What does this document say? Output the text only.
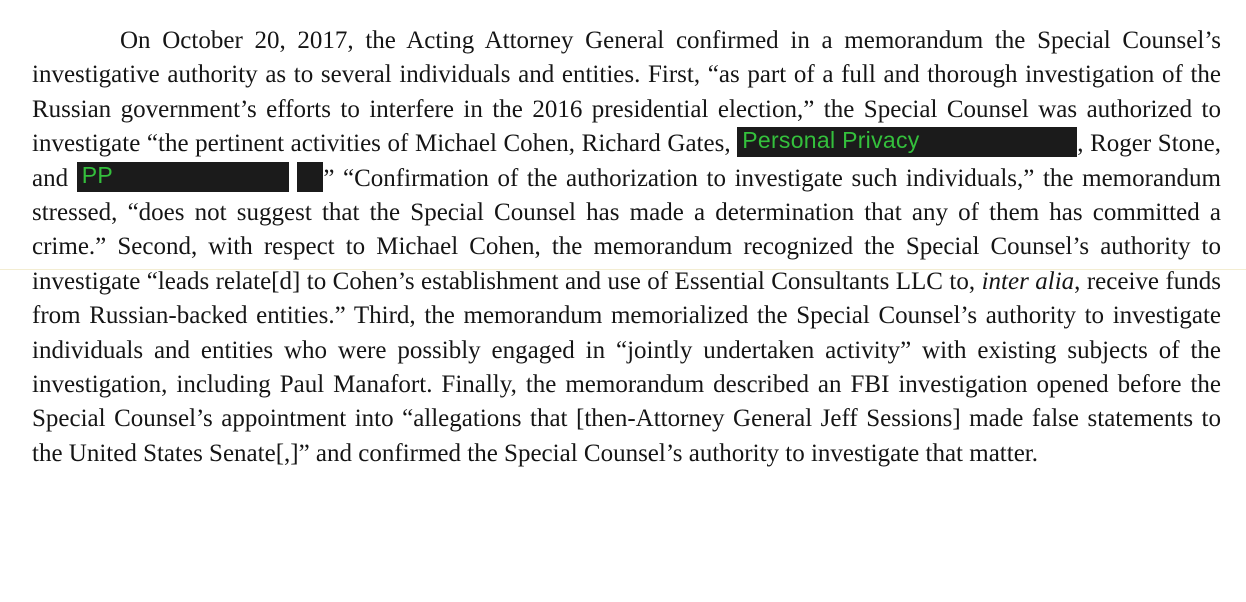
On October 20, 2017, the Acting Attorney General confirmed in a memorandum the Special Counsel’s investigative authority as to several individuals and entities. First, “as part of a full and thorough investigation of the Russian government’s efforts to interfere in the 2016 presidential election,” the Special Counsel was authorized to investigate “the pertinent activities of Michael Cohen, Richard Gates, Personal Privacy	, Roger Stone, and PP	” “Confirmation of the authorization to investigate such individuals,” the memorandum stressed, “does not suggest that the Special Counsel has made a determination that any of them has committed a crime.” Second, with respect to Michael Cohen, the memorandum recognized the Special Counsel’s authority to investigate “leads relate[d] to Cohen’s establishment and use of Essential Consultants LLC to, inter alia, receive funds from Russian-backed entities.” Third, the memorandum memorialized the Special Counsel’s authority to investigate individuals and entities who were possibly engaged in “jointly undertaken activity” with existing subjects of the investigation, including Paul Manafort. Finally, the memorandum described an FBI investigation opened before the Special Counsel’s appointment into “allegations that [then-Attorney General Jeff Sessions] made false statements to the United States Senate[,]” and confirmed the Special Counsel’s authority to investigate that matter.
